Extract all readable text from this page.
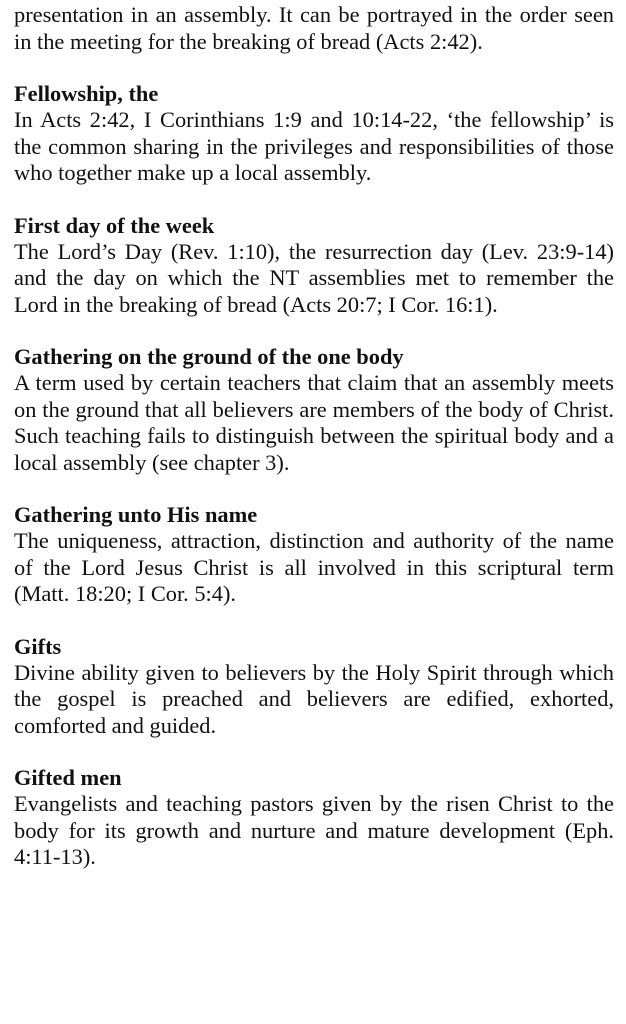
presentation in an assembly. It can be portrayed in the order seen in the meeting for the breaking of bread (Acts 2:42).

Fellowship, the

In Acts 2:42, I Corinthians 1:9 and 10:14-22, ‘the fellowship’ is the common sharing in the privileges and responsibilities of those who together make up a local assembly.

First day of the week

The Lord’s Day (Rev. 1:10), the resurrection day (Lev. 23:9-14) and the day on which the NT assemblies met to remember the Lord in the breaking of bread (Acts 20:7; I Cor. 16:1).

Gathering on the ground of the one body

A term used by certain teachers that claim that an assembly meets on the ground that all believers are members of the body of Christ. Such teaching fails to distinguish between the spiritual body and a local assembly (see chapter 3).

Gathering unto His name

The uniqueness, attraction, distinction and authority of the name of the Lord Jesus Christ is all involved in this scriptural term (Matt. 18:20; I Cor. 5:4).

Gifts

Divine ability given to believers by the Holy Spirit through which the gospel is preached and believers are edified, exhorted, comforted and guided.

Gifted men

Evangelists and teaching pastors given by the risen Christ to the body for its growth and nurture and mature development (Eph. 4:11-13).
